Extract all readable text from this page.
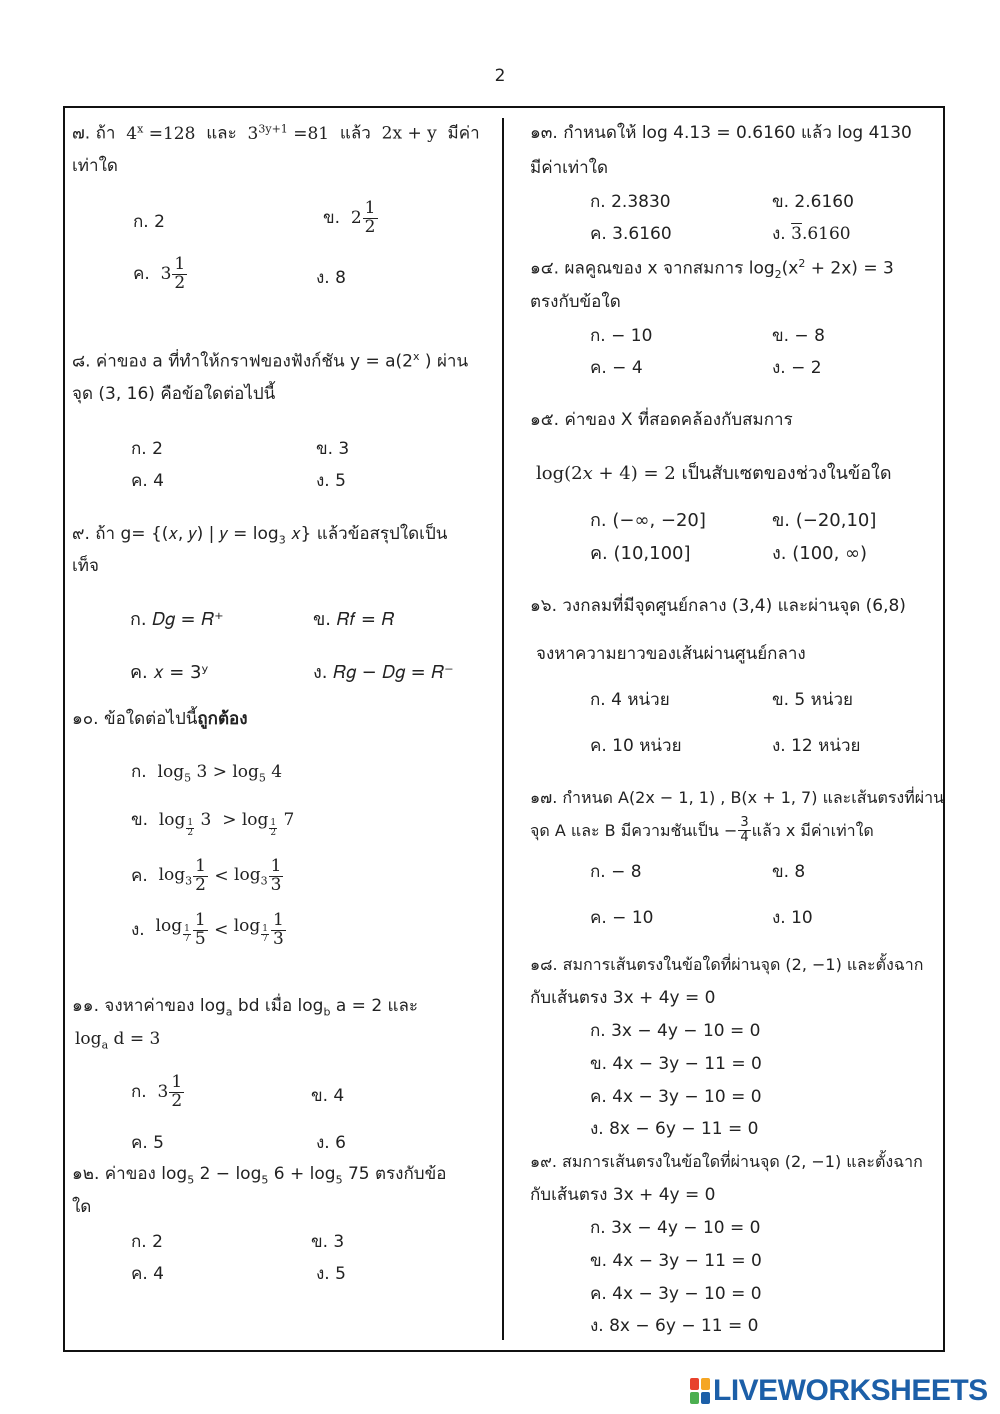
2
๗. ถ้า $4^x =128$ และ $3^{3y+1} =81$ แล้ว 2x + y มีค่า
เท่าใด
ก. 2	ข. $2 \frac{1}{2}$
ค. $3 \frac{1}{2}$	ง. 8
๘. ค่าของ a ที่ทำให้กราฟของฟังก์ชัน $y = a(2^x$ ) ผ่าน
จุด (3, 16) คือข้อใดต่อไปนี้
ก. 2	ข. 3
ค. 4	ง. 5
๙. ถ้า g= {(𝑥, 𝑦) | 𝑦 = $\log_3$ 𝑥} แล้วข้อสรุปใดเป็น
เท็จ
ก. 𝐷𝑔 = 𝑅⁺	ข. 𝑅𝑓 = 𝑅
ค. 𝑥 = 3ʸ	ง. 𝑅𝑔 − 𝐷𝑔 = 𝑅⁻
๑๐. ข้อใดต่อไปนี้ถูกต้อง
ก. $\log_5 3 > \log_5 4$
ข. $\log \frac{1}{2} 3 > \log \frac{1}{2} 7$
ค. $\log_3 \frac{1}{2} < \log_3 \frac{1}{3}$
ง. $\log \frac{1}{7} \frac{1}{5} < \log \frac{1}{7} \frac{1}{3}$
๑๑. จงหาค่าของ $\log_a$ bd เมื่อ $\log_b a = 2$ และ
$\log_a d = 3$
ก. $3 \frac{1}{2}$	ข. 4
ค. 5	ง. 6
๑๒. ค่าของ $\log_5 2 - \log_5 6 + \log_5 75$ ตรงกับข้อ
ใด
ก. 2	ข. 3
ค. 4	ง. 5
๑๓. กำหนดให้ log 4.13 = 0.6160 แล้ว log 4130
มีค่าเท่าใด
ก. 2.3830	ข. 2.6160
ค. 3.6160	ง. 3.6160
๑๔. ผลคูณของ x จากสมการ $\log_2(x^2 + 2x) = 3$
ตรงกับข้อใด
ก. − 10	ข. − 8
ค. − 4	ง. − 2
๑๕. ค่าของ X ที่สอดคล้องกับสมการ
log(2𝑥 + 4) = 2 เป็นสับเซตของช่วงในข้อใด
ก. (−∞, −20]	ข. (−20,10]
ค. (10,100]	ง. (100, ∞)
๑๖. วงกลมที่มีจุดศูนย์กลาง (3,4) และผ่านจุด (6,8)
จงหาความยาวของเส้นผ่านศูนย์กลาง
ก. 4 หน่วย	ข. 5 หน่วย
ค. 10 หน่วย	ง. 12 หน่วย
๑๗. กำหนด A(2x − 1, 1) , B(x + 1, 7) และเส้นตรงที่ผ่าน
จุด A และ B มีความชันเป็น − $\frac{3}{4}$ แล้ว x มีค่าเท่าใด
ก. − 8	ข. 8
ค. − 10	ง. 10
๑๘. สมการเส้นตรงในข้อใดที่ผ่านจุด (2, −1) และตั้งฉาก
กับเส้นตรง 3x + 4y = 0
ก. 3x − 4y − 10 = 0
ข. 4x − 3y − 11 = 0
ค. 4x − 3y − 10 = 0
ง. 8x − 6y − 11 = 0
๑๙. สมการเส้นตรงในข้อใดที่ผ่านจุด (2, −1) และตั้งฉาก
กับเส้นตรง 3x + 4y = 0
ก. 3x − 4y − 10 = 0
ข. 4x − 3y − 11 = 0
ค. 4x − 3y − 10 = 0
ง. 8x − 6y − 11 = 0
LIVEWORKSHEETS
